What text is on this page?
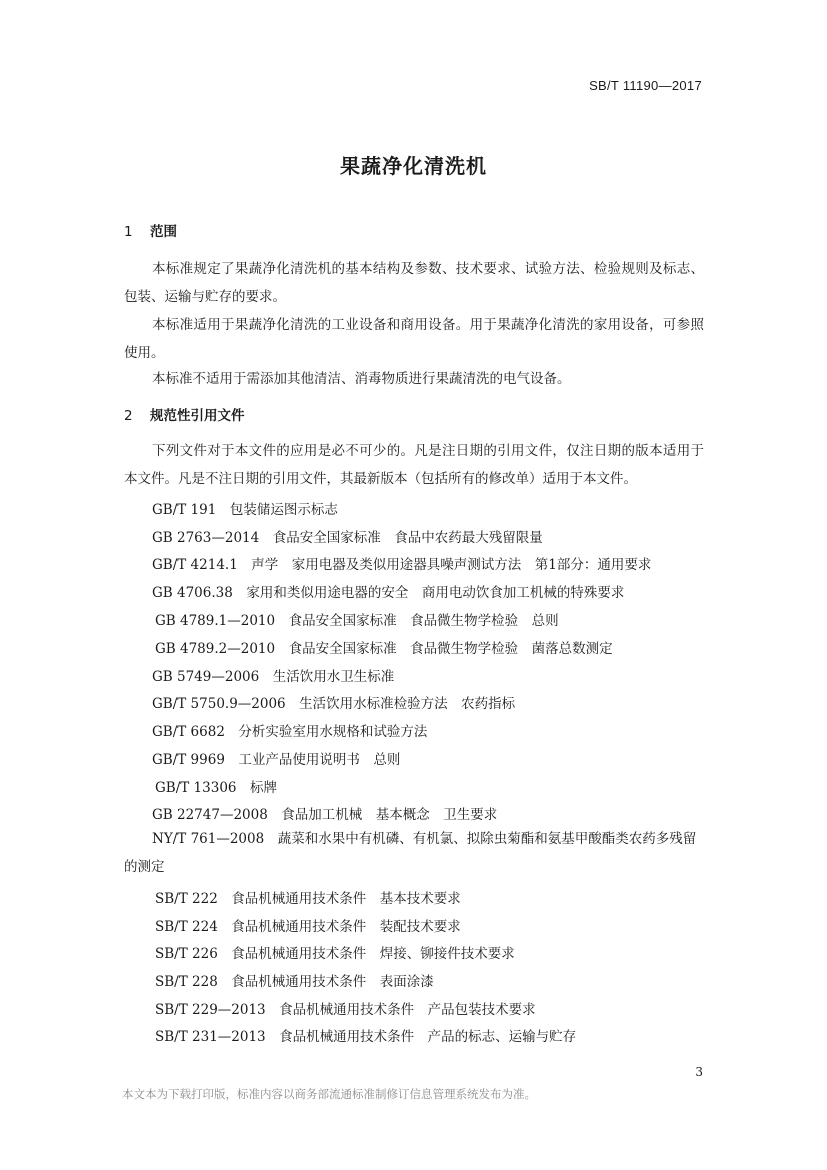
SB/T 11190—2017
果蔬净化清洗机
1 范围
本标准规定了果蔬净化清洗机的基本结构及参数、技术要求、试验方法、检验规则及标志、包装、运输与贮存的要求。
本标准适用于果蔬净化清洗的工业设备和商用设备。用于果蔬净化清洗的家用设备，可参照使用。
本标准不适用于需添加其他清洁、消毒物质进行果蔬清洗的电气设备。
2 规范性引用文件
下列文件对于本文件的应用是必不可少的。凡是注日期的引用文件，仅注日期的版本适用于本文件。凡是不注日期的引用文件，其最新版本（包括所有的修改单）适用于本文件。
GB/T 191　包装储运图示标志
GB 2763—2014　食品安全国家标准　食品中农药最大残留限量
GB/T 4214.1　声学　家用电器及类似用途器具噪声测试方法　第1部分：通用要求
GB 4706.38　家用和类似用途电器的安全　商用电动饮食加工机械的特殊要求
GB 4789.1—2010　食品安全国家标准　食品微生物学检验　总则
GB 4789.2—2010　食品安全国家标准　食品微生物学检验　菌落总数测定
GB 5749—2006　生活饮用水卫生标准
GB/T 5750.9—2006　生活饮用水标准检验方法　农药指标
GB/T 6682　分析实验室用水规格和试验方法
GB/T 9969　工业产品使用说明书　总则
GB/T 13306　标牌
GB 22747—2008　食品加工机械　基本概念　卫生要求
NY/T 761—2008　蔬菜和水果中有机磷、有机氯、拟除虫菊酯和氨基甲酸酯类农药多残留的测定
SB/T 222　食品机械通用技术条件　基本技术要求
SB/T 224　食品机械通用技术条件　装配技术要求
SB/T 226　食品机械通用技术条件　焊接、铆接件技术要求
SB/T 228　食品机械通用技术条件　表面涂漆
SB/T 229—2013　食品机械通用技术条件　产品包装技术要求
SB/T 231—2013　食品机械通用技术条件　产品的标志、运输与贮存
3
本文本为下载打印版，标准内容以商务部流通标准制修订信息管理系统发布为准。
